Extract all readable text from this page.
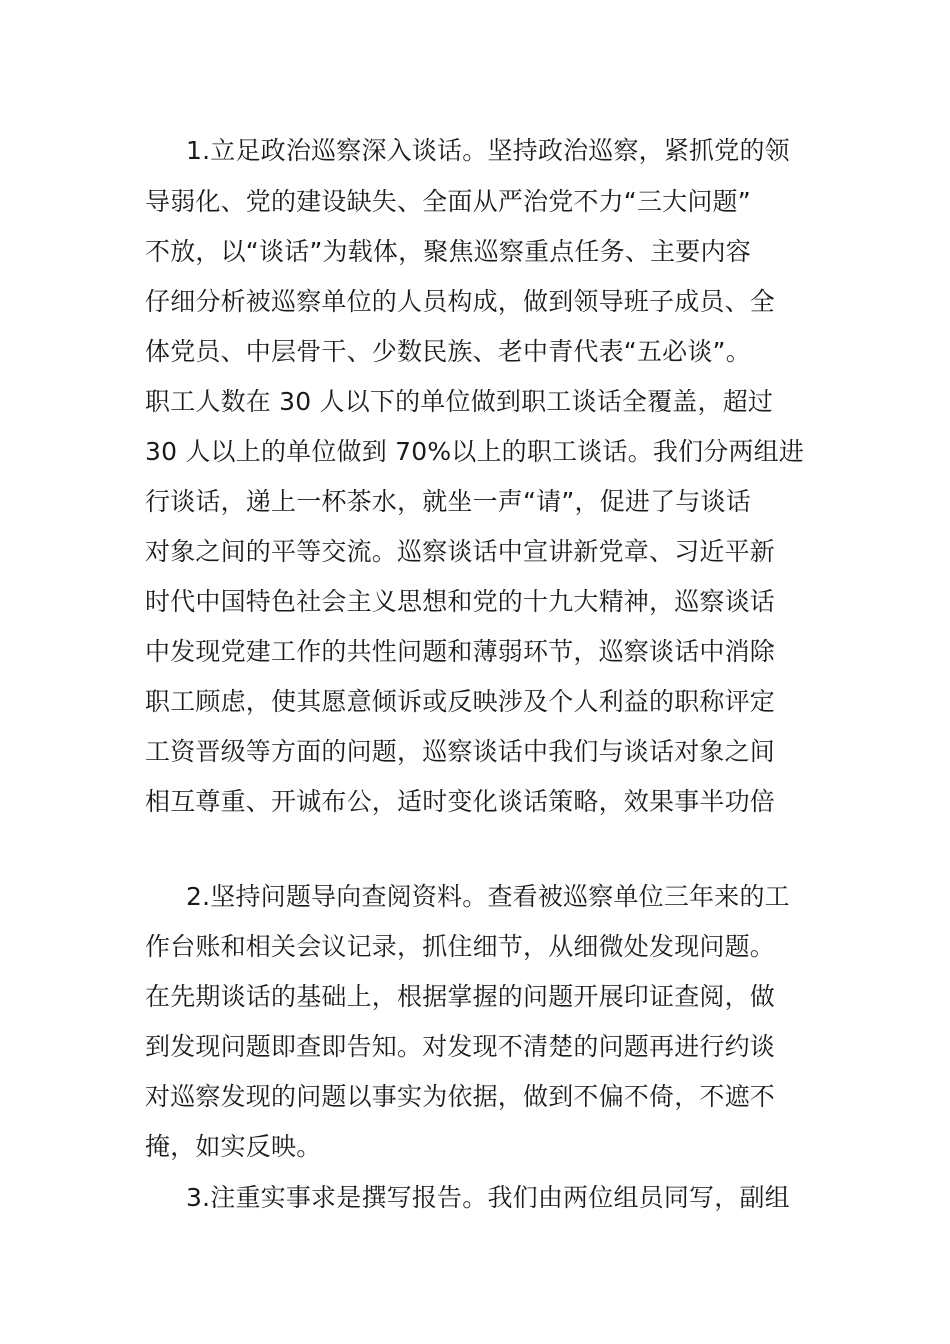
1.立足政治巡察深入谈话。坚持政治巡察，紧抓党的领
导弱化、党的建设缺失、全面从严治党不力“三大问题”
不放，以“谈话”为载体，聚焦巡察重点任务、主要内容
仔细分析被巡察单位的人员构成，做到领导班子成员、全
体党员、中层骨干、少数民族、老中青代表“五必谈”。
职工人数在 30 人以下的单位做到职工谈话全覆盖，超过
30 人以上的单位做到 70%以上的职工谈话。我们分两组进
行谈话，递上一杯茶水，就坐一声“请”，促进了与谈话
对象之间的平等交流。巡察谈话中宣讲新党章、习近平新
时代中国特色社会主义思想和党的十九大精神，巡察谈话
中发现党建工作的共性问题和薄弱环节，巡察谈话中消除
职工顾虑，使其愿意倾诉或反映涉及个人利益的职称评定
工资晋级等方面的问题，巡察谈话中我们与谈话对象之间
相互尊重、开诚布公，适时变化谈话策略，效果事半功倍
2.坚持问题导向查阅资料。查看被巡察单位三年来的工
作台账和相关会议记录，抓住细节，从细微处发现问题。
在先期谈话的基础上，根据掌握的问题开展印证查阅，做
到发现问题即查即告知。对发现不清楚的问题再进行约谈
对巡察发现的问题以事实为依据，做到不偏不倚，不遮不
掩，如实反映。
3.注重实事求是撰写报告。我们由两位组员同写，副组
